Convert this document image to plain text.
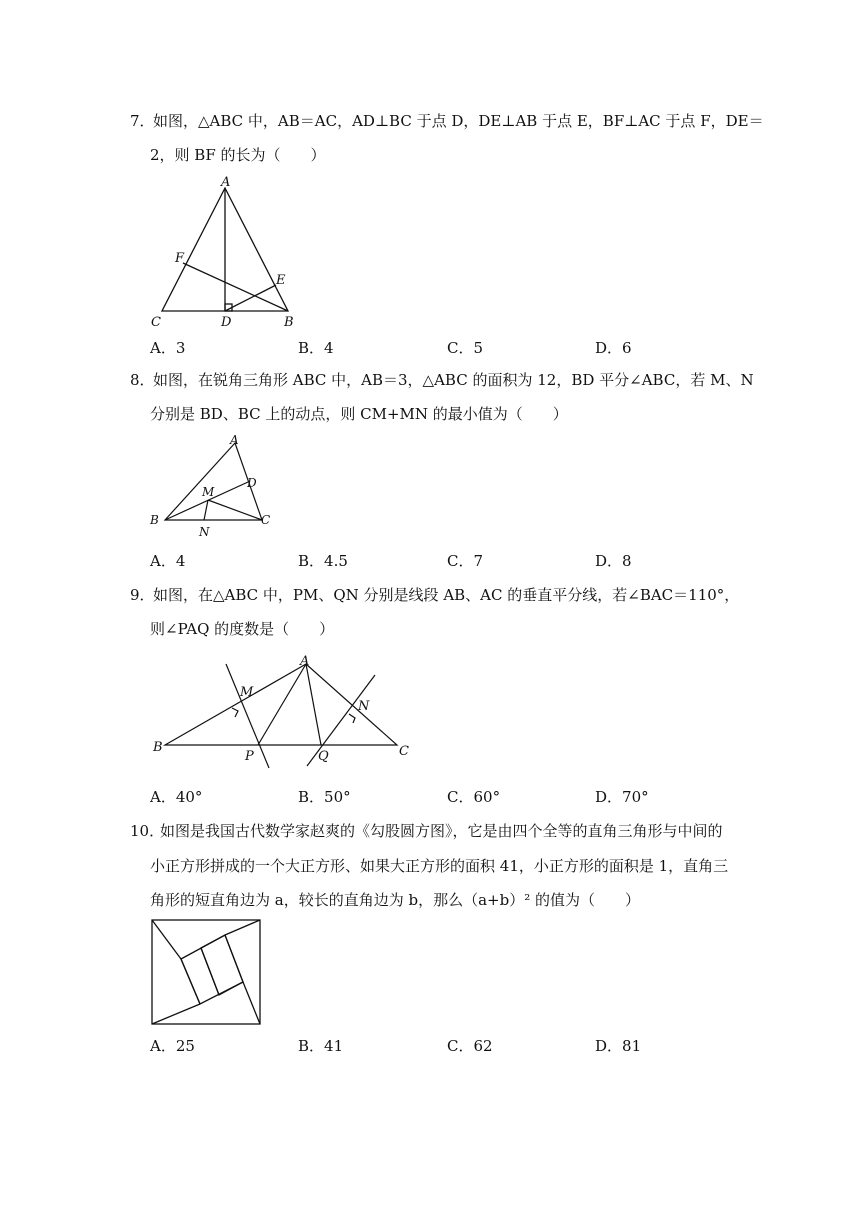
7．
如图，△ABC 中，AB＝AC，AD⊥BC 于点 D，DE⊥AB 于点 E，BF⊥AC 于点 F，DE＝
2，则 BF 的长为（　　）
A
F
E
C	D	B
A．3	B．4	C．5	D．6
8．
如图，在锐角三角形 ABC 中，AB＝3，△ABC 的面积为 12，BD 平分∠ABC，若 M、N
分别是 BD、BC 上的动点，则 CM+MN 的最小值为（　　）
A
D
M
B	C
N
A．4	B．4.5	C．7	D．8
9．
如图，在△ABC 中，PM、QN 分别是线段 AB、AC 的垂直平分线，若∠BAC＝110°，
则∠PAQ 的度数是（　　）
A
M
N
B
P	Q	C
A．40°	B．50°	C．60°	D．70°
10．
如图是我国古代数学家赵爽的《勾股圆方图》，它是由四个全等的直角三角形与中间的
小正方形拼成的一个大正方形、如果大正方形的面积 41，小正方形的面积是 1，直角三
角形的短直角边为 a，较长的直角边为 b，那么（a+b）² 的值为（　　）
A．25	B．41	C．62	D．81
